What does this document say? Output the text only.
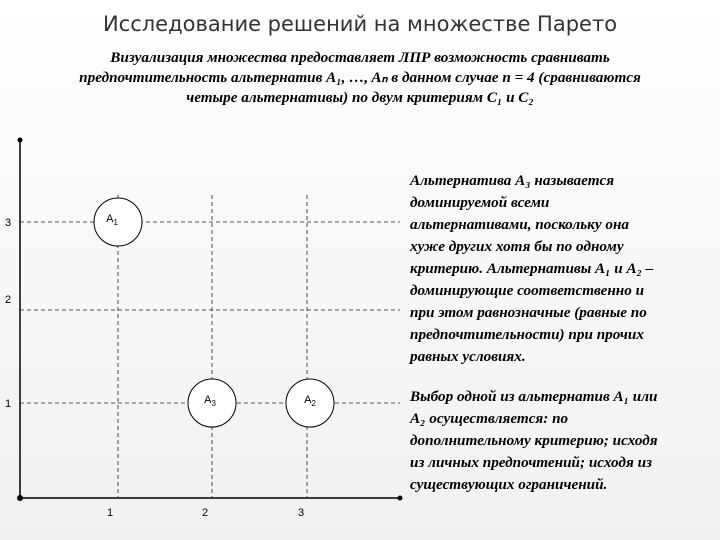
Исследование решений на множестве Парето
Визуализация множества предоставляет ЛПР возможность сравнивать
предпочтительность альтернатив A₁, …, Aₙ в данном случае n = 4 (сравниваются
четыре альтернативы) по двум критериям C₁ и C₂
3
2
1
1	2	3
$A_1$
$A_3$	$A_2$
Альтернатива A₃ называется
доминируемой всеми
альтернативами, поскольку она
хуже других хотя бы по одному
критерию. Альтернативы A₁ и A₂ –
доминирующие соответственно и
при этом равнозначные (равные по
предпочтительности) при прочих
равных условиях.
Выбор одной из альтернатив A₁ или
A₂ осуществляется: по
дополнительному критерию; исходя
из личных предпочтений; исходя из
существующих ограничений.
